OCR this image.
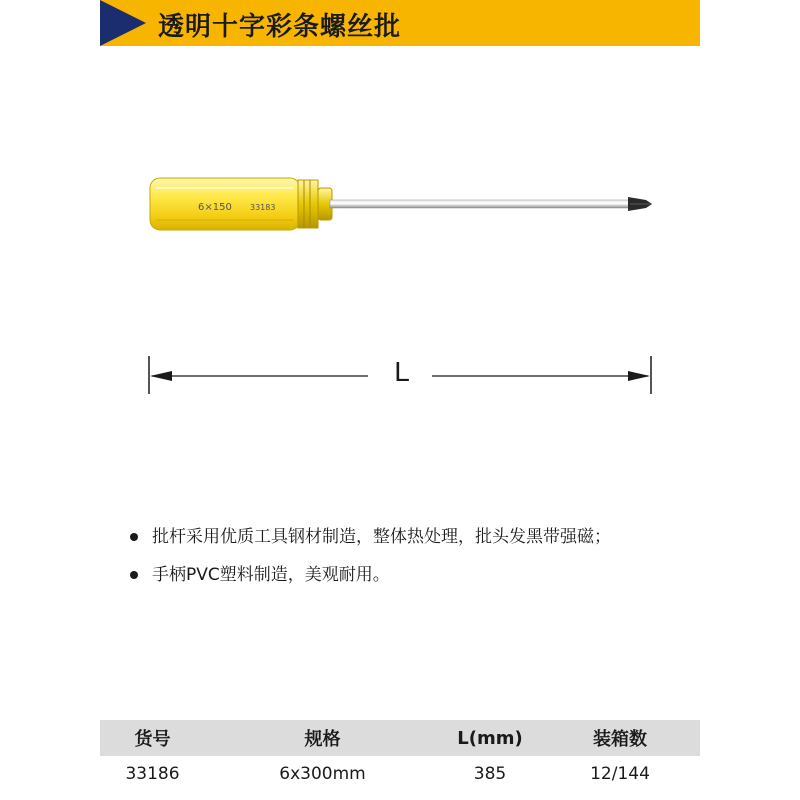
透明十字彩条螺丝批
6×150 33183
L
批杆采用优质工具钢材制造，整体热处理，批头发黑带强磁；
手柄PVC塑料制造，美观耐用。
货号	规格	L(mm)	装箱数
33186	6x300mm	385	12/144
